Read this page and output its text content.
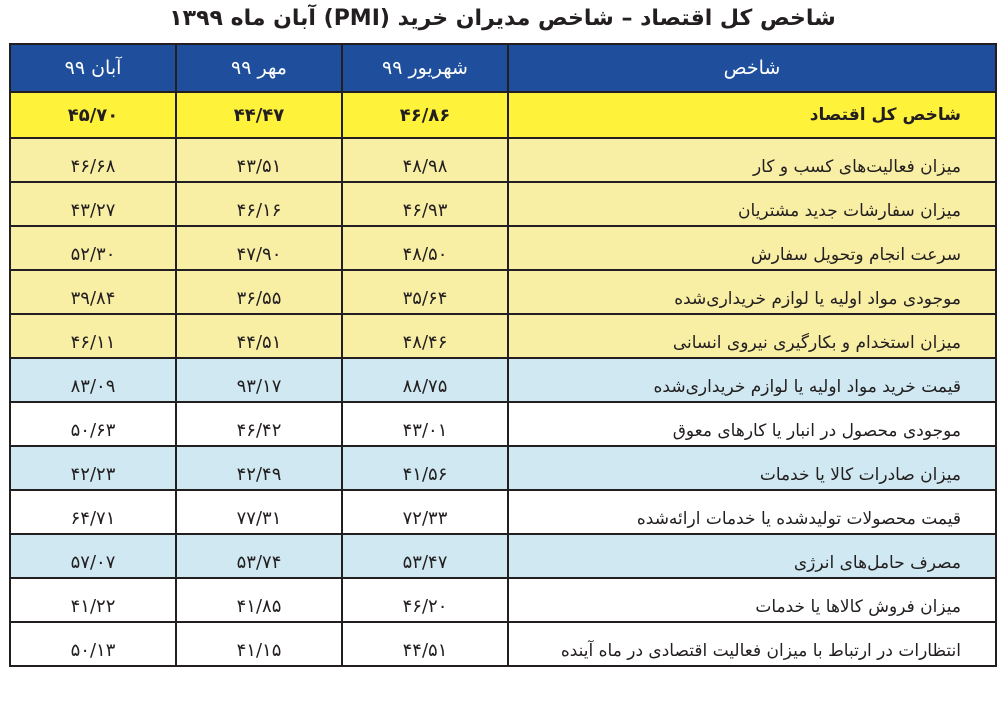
شاخص کل اقتصاد – شاخص مدیران خرید (PMI) آبان ماه ۱۳۹۹
شاخص	شهریور ۹۹	مهر ۹۹	آبان ۹۹
شاخص کل اقتصاد	۴۶/۸۶	۴۴/۴۷	۴۵/۷۰
میزان فعالیت‌های کسب و کار	۴۸/۹۸	۴۳/۵۱	۴۶/۶۸
میزان سفارشات جدید مشتریان	۴۶/۹۳	۴۶/۱۶	۴۳/۲۷
سرعت انجام وتحویل سفارش	۴۸/۵۰	۴۷/۹۰	۵۲/۳۰
موجودی مواد اولیه یا لوازم خریداری‌شده	۳۵/۶۴	۳۶/۵۵	۳۹/۸۴
میزان استخدام و بکارگیری نیروی انسانی	۴۸/۴۶	۴۴/۵۱	۴۶/۱۱
قیمت خرید مواد اولیه یا لوازم خریداری‌شده	۸۸/۷۵	۹۳/۱۷	۸۳/۰۹
موجودی محصول در انبار یا کارهای معوق	۴۳/۰۱	۴۶/۴۲	۵۰/۶۳
میزان صادرات کالا یا خدمات	۴۱/۵۶	۴۲/۴۹	۴۲/۲۳
قیمت محصولات تولیدشده یا خدمات ارائه‌شده	۷۲/۳۳	۷۷/۳۱	۶۴/۷۱
مصرف حامل‌های انرژی	۵۳/۴۷	۵۳/۷۴	۵۷/۰۷
میزان فروش کالاها یا خدمات	۴۶/۲۰	۴۱/۸۵	۴۱/۲۲
انتظارات در ارتباط با میزان فعالیت اقتصادی در ماه آینده	۴۴/۵۱	۴۱/۱۵	۵۰/۱۳
